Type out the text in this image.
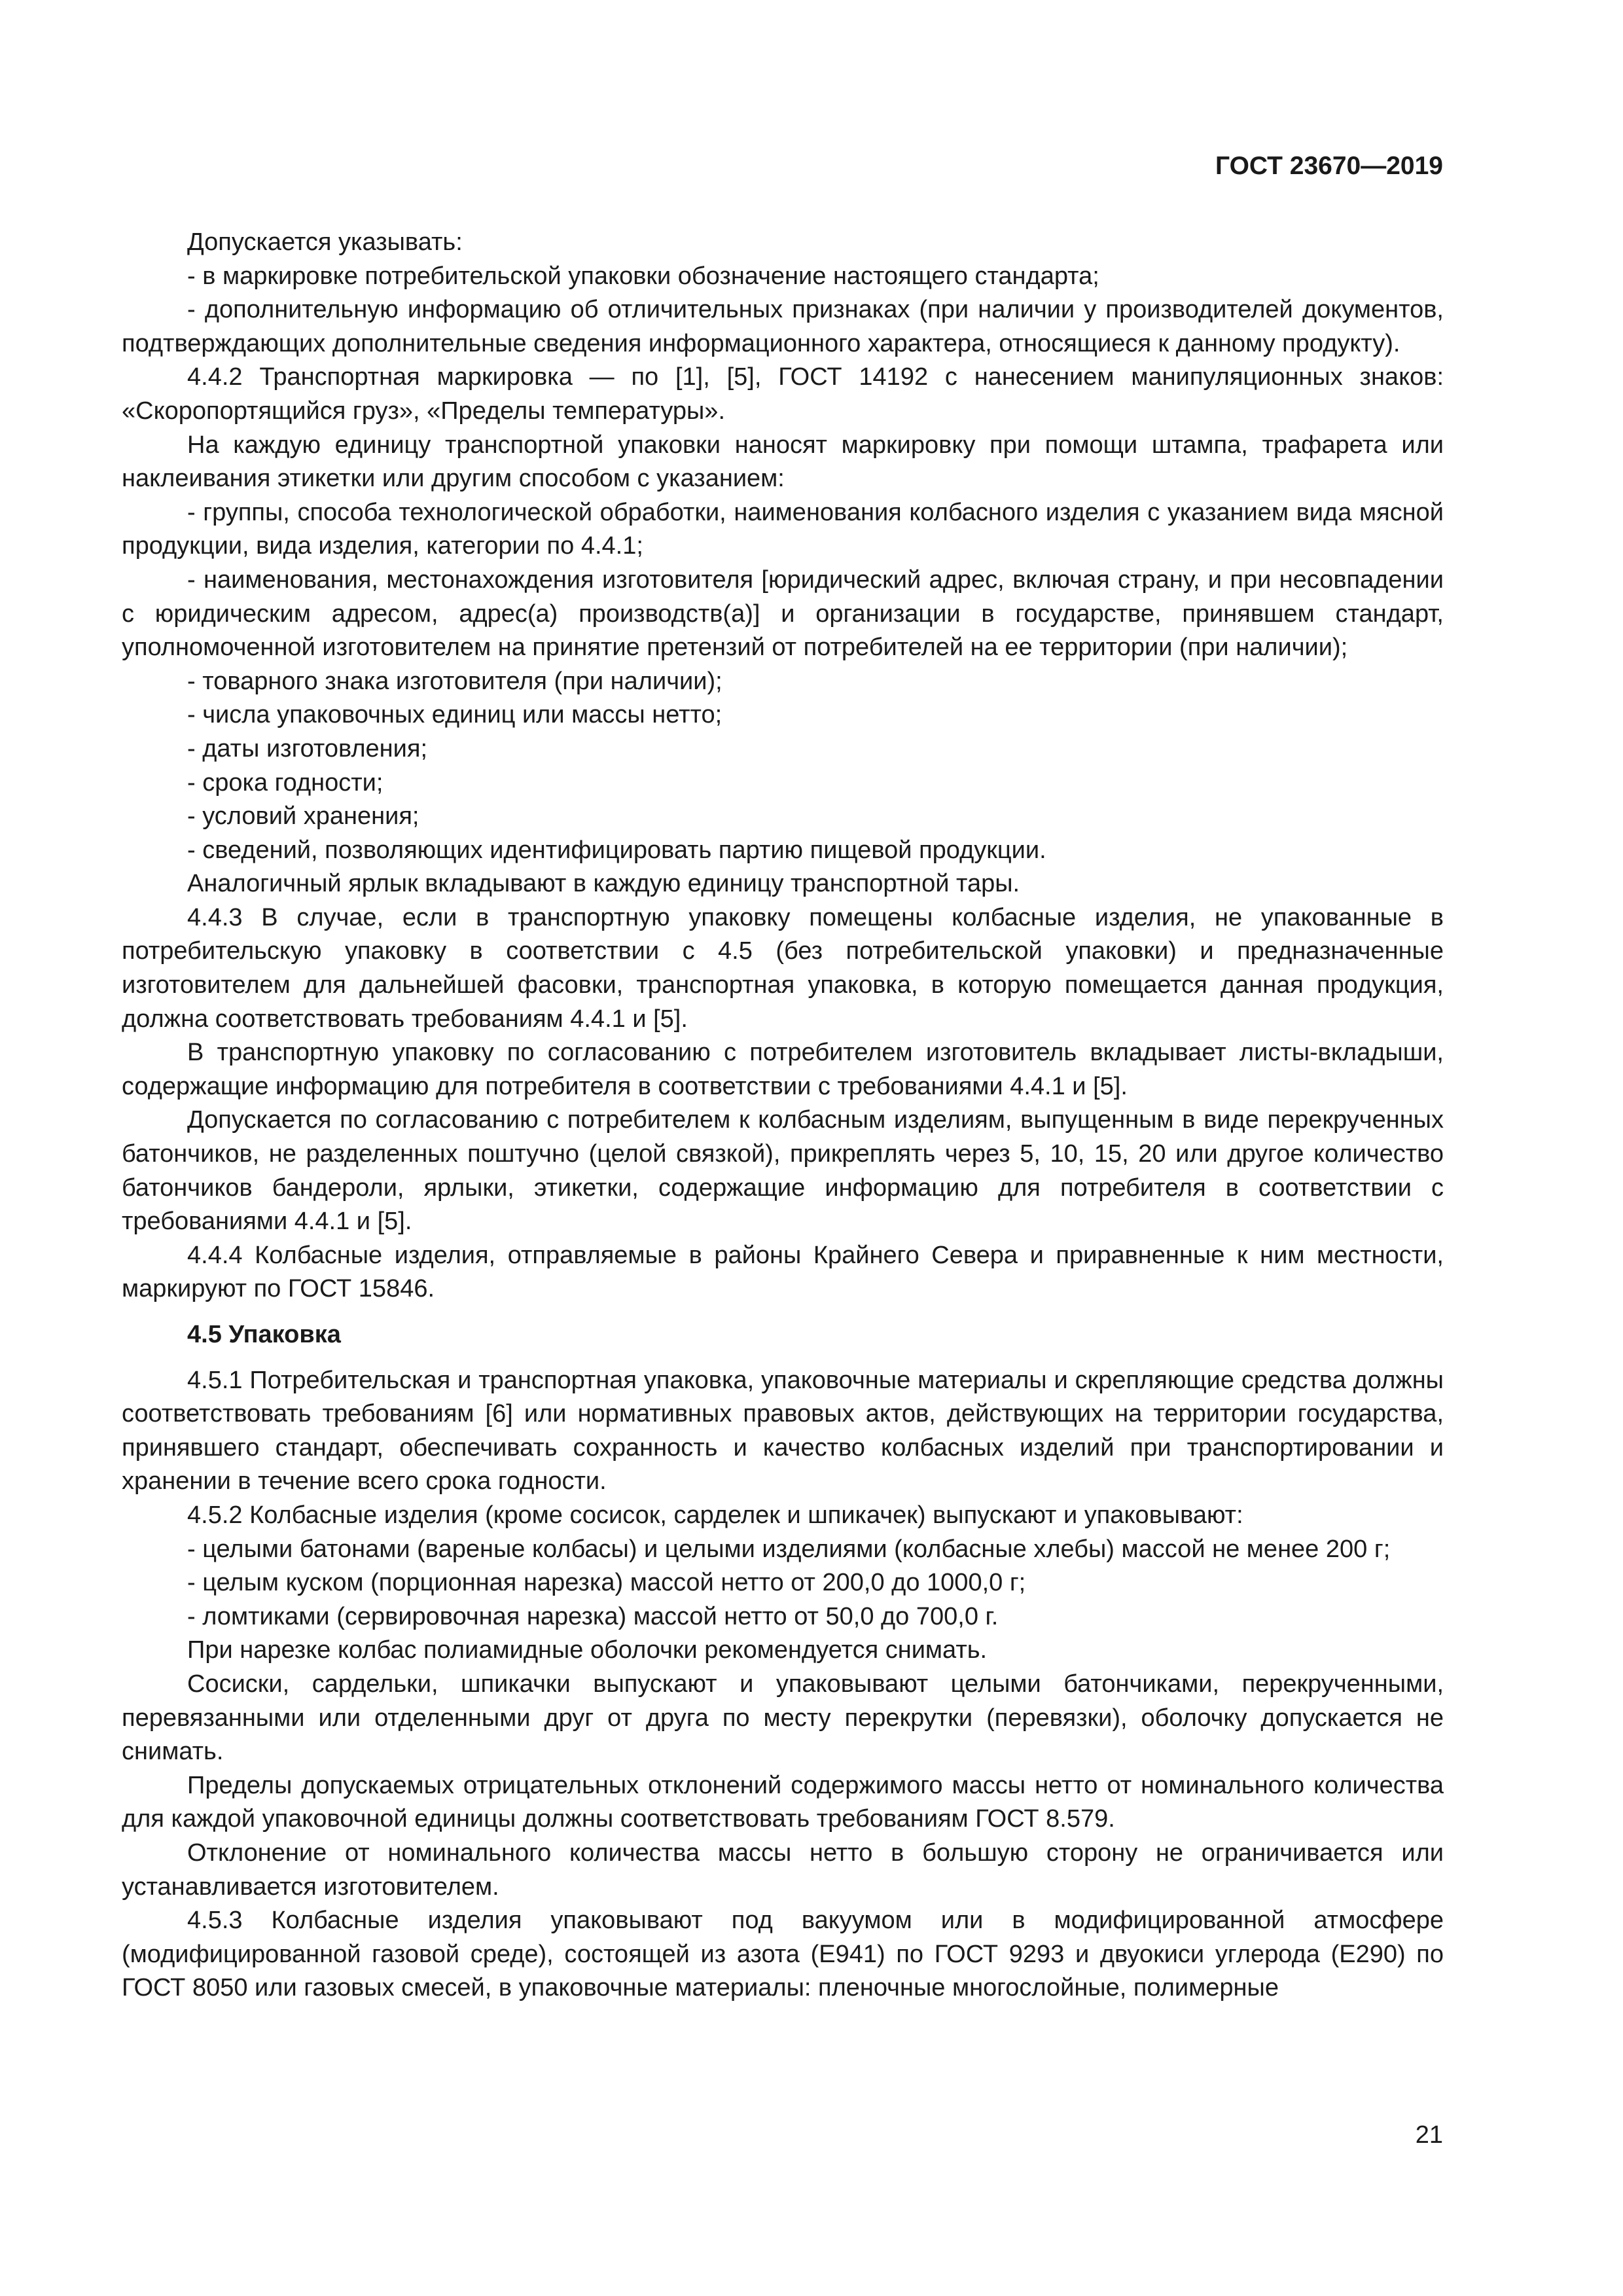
ГОСТ 23670—2019

Допускается указывать:

- в маркировке потребительской упаковки обозначение настоящего стандарта;

- дополнительную информацию об отличительных признаках (при наличии у производителей документов, подтверждающих дополнительные сведения информационного характера, относящиеся к данному продукту).

4.4.2 Транспортная маркировка — по [1], [5], ГОСТ 14192 с нанесением манипуляционных знаков: «Скоропортящийся груз», «Пределы температуры».

На каждую единицу транспортной упаковки наносят маркировку при помощи штампа, трафарета или наклеивания этикетки или другим способом с указанием:

- группы, способа технологической обработки, наименования колбасного изделия с указанием вида мясной продукции, вида изделия, категории по 4.4.1;

- наименования, местонахождения изготовителя [юридический адрес, включая страну, и при несовпадении с юридическим адресом, адрес(а) производств(а)] и организации в государстве, принявшем стандарт, уполномоченной изготовителем на принятие претензий от потребителей на ее территории (при наличии);

- товарного знака изготовителя (при наличии);

- числа упаковочных единиц или массы нетто;

- даты изготовления;

- срока годности;

- условий хранения;

- сведений, позволяющих идентифицировать партию пищевой продукции.

Аналогичный ярлык вкладывают в каждую единицу транспортной тары.

4.4.3 В случае, если в транспортную упаковку помещены колбасные изделия, не упакованные в потребительскую упаковку в соответствии с 4.5 (без потребительской упаковки) и предназначенные изготовителем для дальнейшей фасовки, транспортная упаковка, в которую помещается данная продукция, должна соответствовать требованиям 4.4.1 и [5].

В транспортную упаковку по согласованию с потребителем изготовитель вкладывает листы-вкладыши, содержащие информацию для потребителя в соответствии с требованиями 4.4.1 и [5].

Допускается по согласованию с потребителем к колбасным изделиям, выпущенным в виде перекрученных батончиков, не разделенных поштучно (целой связкой), прикреплять через 5, 10, 15, 20 или другое количество батончиков бандероли, ярлыки, этикетки, содержащие информацию для потребителя в соответствии с требованиями 4.4.1 и [5].

4.4.4 Колбасные изделия, отправляемые в районы Крайнего Севера и приравненные к ним местности, маркируют по ГОСТ 15846.

4.5 Упаковка

4.5.1 Потребительская и транспортная упаковка, упаковочные материалы и скрепляющие средства должны соответствовать требованиям [6] или нормативных правовых актов, действующих на территории государства, принявшего стандарт, обеспечивать сохранность и качество колбасных изделий при транспортировании и хранении в течение всего срока годности.

4.5.2 Колбасные изделия (кроме сосисок, сарделек и шпикачек) выпускают и упаковывают:

- целыми батонами (вареные колбасы) и целыми изделиями (колбасные хлебы) массой не менее 200 г;

- целым куском (порционная нарезка) массой нетто от 200,0 до 1000,0 г;

- ломтиками (сервировочная нарезка) массой нетто от 50,0 до 700,0 г.

При нарезке колбас полиамидные оболочки рекомендуется снимать.

Сосиски, сардельки, шпикачки выпускают и упаковывают целыми батончиками, перекрученными, перевязанными или отделенными друг от друга по месту перекрутки (перевязки), оболочку допускается не снимать.

Пределы допускаемых отрицательных отклонений содержимого массы нетто от номинального количества для каждой упаковочной единицы должны соответствовать требованиям ГОСТ 8.579.

Отклонение от номинального количества массы нетто в большую сторону не ограничивается или устанавливается изготовителем.

4.5.3 Колбасные изделия упаковывают под вакуумом или в модифицированной атмосфере (модифицированной газовой среде), состоящей из азота (Е941) по ГОСТ 9293 и двуокиси углерода (Е290) по ГОСТ 8050 или газовых смесей, в упаковочные материалы: пленочные многослойные, полимерные

21
